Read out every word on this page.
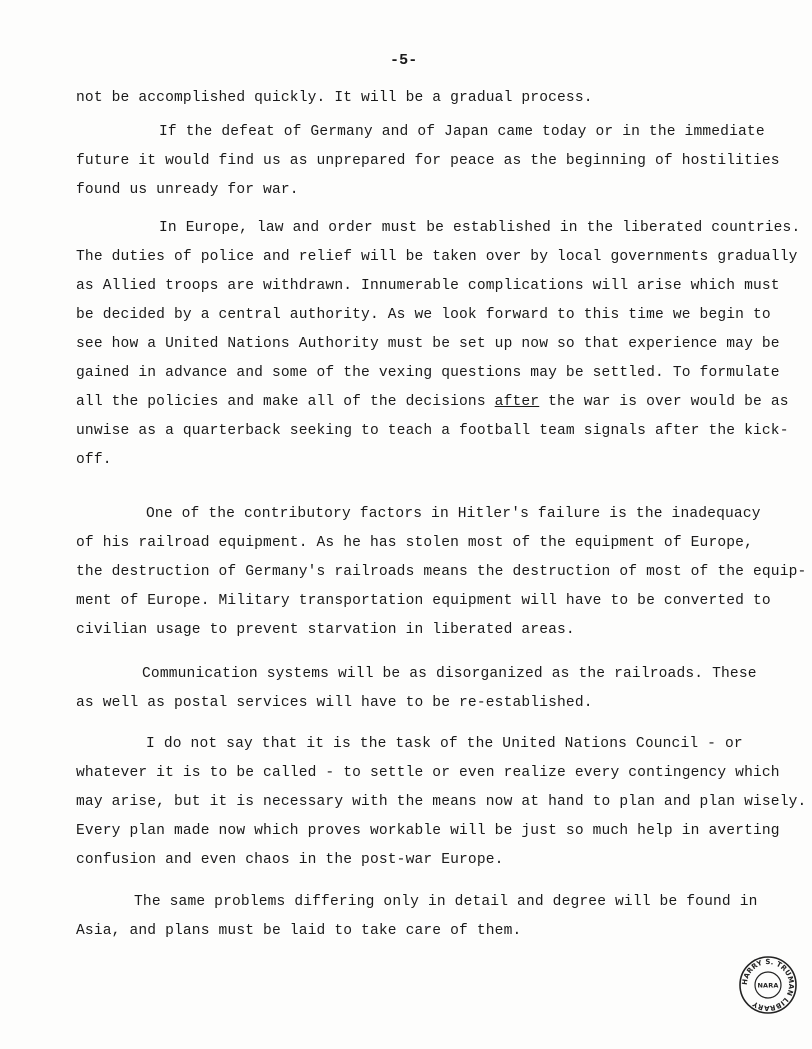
-5-
not be accomplished quickly. It will be a gradual process.
If the defeat of Germany and of Japan came today or in the immediate
future it would find us as unprepared for peace as the beginning of hostilities
found us unready for war.
In Europe, law and order must be established in the liberated countries.
The duties of police and relief will be taken over by local governments gradually
as Allied troops are withdrawn. Innumerable complications will arise which must
be decided by a central authority. As we look forward to this time we begin to
see how a United Nations Authority must be set up now so that experience may be
gained in advance and some of the vexing questions may be settled. To formulate
all the policies and make all of the decisions after the war is over would be as
unwise as a quarterback seeking to teach a football team signals after the kick-
off.
One of the contributory factors in Hitler's failure is the inadequacy
of his railroad equipment. As he has stolen most of the equipment of Europe,
the destruction of Germany's railroads means the destruction of most of the equip-
ment of Europe. Military transportation equipment will have to be converted to
civilian usage to prevent starvation in liberated areas.
Communication systems will be as disorganized as the railroads. These
as well as postal services will have to be re-established.
I do not say that it is the task of the United Nations Council - or
whatever it is to be called - to settle or even realize every contingency which
may arise, but it is necessary with the means now at hand to plan and plan wisely.
Every plan made now which proves workable will be just so much help in averting
confusion and even chaos in the post-war Europe.
The same problems differing only in detail and degree will be found in
Asia, and plans must be laid to take care of them.
HARRY S. TRUMAN LIBRARY
NARA
